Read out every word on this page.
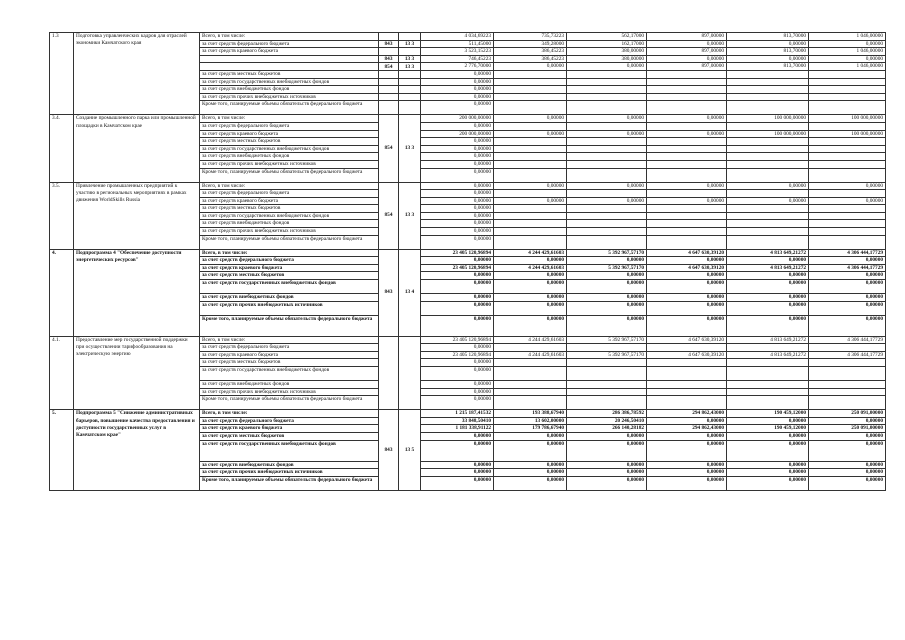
1.3	Подготовка управленческих кадров для отраслей экономики Камчатского края	Всего, в том числе:			4 034,69223	735,73223	562,17000	897,00000	813,70000	1 046,00000
		за счет средств федерального бюджета	843	13 3	511,45000	349,28000	162,17000	0,00000	0,00000	0,00000
		за счет средств краевого бюджета			3 523,15223	386,45223	380,00000	897,00000	813,70000	1 046,00000
			843	13 3	746,45223	386,45223	380,00000	0,00000	0,00000	0,00000
			854	13 3	2 776,70000	0,00000	0,00000	897,00000	813,70000	1 046,00000
		за счет средств местных бюджетов			0,00000					
		за счет средств государственных внебюджетных фондов			0,00000					
		за счет средств внебюджетных фондов			0,00000					
		за счет средств прочих внебюджетных источников			0,00000					
		Кроме того, планируемые объемы обязательств федерального бюджета			0,00000					
3.4.	Создание промышленного парка или промышленной площадки в Камчатском крае	Всего, в том числе:	854	13 3	200 000,00000	0,00000	0,00000	0,00000	100 000,00000	100 000,00000
		за счет средств федерального бюджета			0,00000					
		за счет средств краевого бюджета			200 000,00000	0,00000	0,00000	0,00000	100 000,00000	100 000,00000
		за счет средств местных бюджетов			0,00000					
		за счет средств государственных внебюджетных фондов			0,00000					
		за счет средств внебюджетных фондов			0,00000					
		за счет средств прочих внебюджетных источников			0,00000					
		Кроме того, планируемые объемы обязательств федерального бюджета			0,00000					
3.5.	Привлечение промышленных предприятий к участию в региональных мероприятиях в рамках движения WorldSkills Russia	Всего, в том числе:	854	13 3	0,00000	0,00000	0,00000	0,00000	0,00000	0,00000
		за счет средств федерального бюджета			0,00000					
		за счет средств краевого бюджета			0,00000	0,00000	0,00000	0,00000	0,00000	0,00000
		за счет средств местных бюджетов			0,00000					
		за счет средств государственных внебюджетных фондов			0,00000					
		за счет средств внебюджетных фондов			0,00000					
		за счет средств прочих внебюджетных источников			0,00000					
		Кроме того, планируемые объемы обязательств федерального бюджета			0,00000					
4.	Подпрограмма 4 "Обеспечение доступности энергетических ресурсов"	Всего, в том числе:	843	13 4	23 405 120,96894	4 244 429,61603	5 392 967,57170	4 647 630,39120	4 813 649,21272	4 306 444,17729
		за счет средств федерального бюджета			0,00000	0,00000	0,00000	0,00000	0,00000	0,00000
		за счет средств краевого бюджета			23 405 120,96894	4 244 429,61603	5 392 967,57170	4 647 630,39120	4 813 649,21272	4 306 444,17729
		за счет средств местных бюджетов			0,00000	0,00000	0,00000	0,00000	0,00000	0,00000
		за счет средств государственных внебюджетных фондов			0,00000	0,00000	0,00000	0,00000	0,00000	0,00000
		за счет средств внебюджетных фондов			0,00000	0,00000	0,00000	0,00000	0,00000	0,00000
		за счет средств прочих внебюджетных источников			0,00000	0,00000	0,00000	0,00000	0,00000	0,00000
		Кроме того, планируемые объемы обязательств федерального бюджета			0,00000	0,00000	0,00000	0,00000	0,00000	0,00000
4.1.	Предоставление мер государственной поддержки при осуществлении тарифообразования на электрическую энергию	Всего, в том числе:			23 405 120,96894	4 244 429,61603	5 392 967,57170	4 647 630,39120	4 813 649,21272	4 306 444,17729
		за счет средств федерального бюджета			0,00000					
		за счет средств краевого бюджета			23 405 120,96894	4 244 429,61603	5 392 967,57170	4 647 630,39120	4 813 649,21272	4 306 444,17729
		за счет средств местных бюджетов			0,00000					
		за счет средств государственных внебюджетных фондов			0,00000					
		за счет средств внебюджетных фондов			0,00000					
		за счет средств прочих внебюджетных источников			0,00000					
		Кроме того, планируемые объемы обязательств федерального бюджета			0,00000					
5.	Подпрограмма 5 "Снижение административных барьеров, повышение качества предоставления и доступности государственных услуг в Камчатском крае"	Всего, в том числе:	843	13 5	1 215 187,41532	193 388,67940	286 386,78592	294 862,43000	190 459,12000	250 091,00000
		за счет средств федерального бюджета			33 848,50410	13 602,00000	20 246,50410	0,00000	0,00000	0,00000
		за счет средств краевого бюджета			1 181 338,91122	179 786,67940	266 140,28182	294 862,43000	190 459,12000	250 091,00000
		за счет средств местных бюджетов			0,00000	0,00000	0,00000	0,00000	0,00000	0,00000
		за счет средств государственных внебюджетных фондов			0,00000	0,00000	0,00000	0,00000	0,00000	0,00000
		за счет средств внебюджетных фондов			0,00000	0,00000	0,00000	0,00000	0,00000	0,00000
		за счет средств прочих внебюджетных источников			0,00000	0,00000	0,00000	0,00000	0,00000	0,00000
		Кроме того, планируемые объемы обязательств федерального бюджета			0,00000	0,00000	0,00000	0,00000	0,00000	0,00000
